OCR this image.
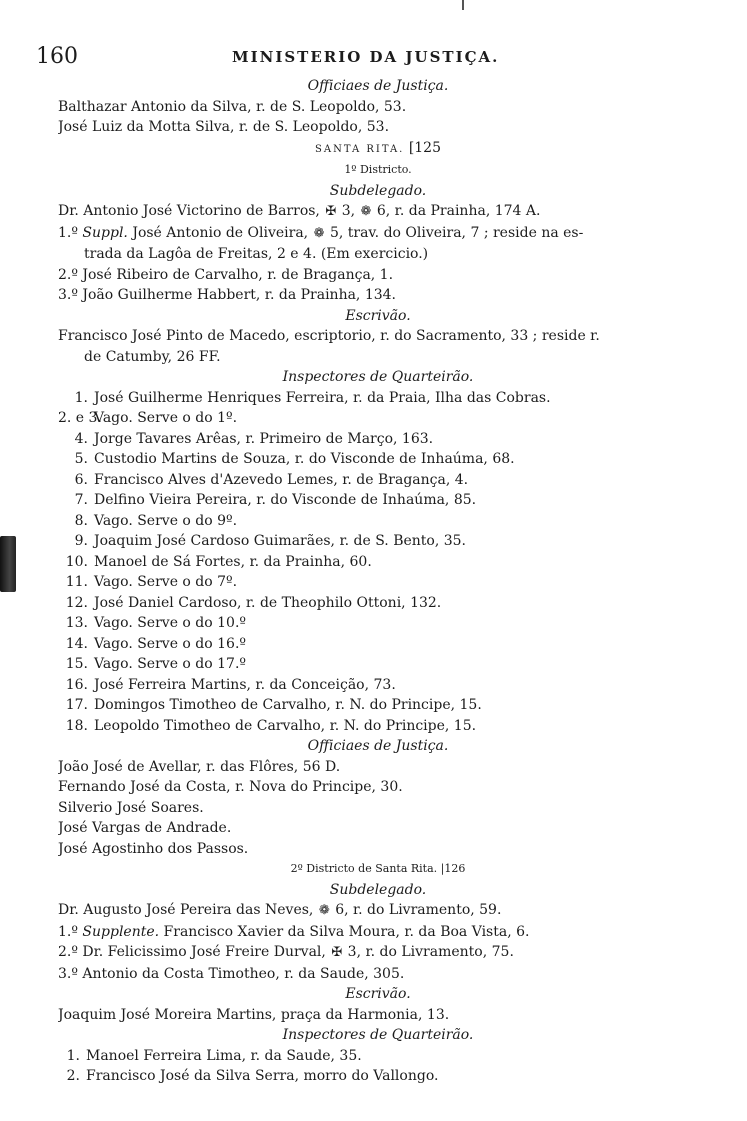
160	MINISTERIO DA JUSTIÇA.
Officiaes de Justiça.
Balthazar Antonio da Silva, r. de S. Leopoldo, 53.
José Luiz da Motta Silva, r. de S. Leopoldo, 53.
SANTA RITA. [125
1º Districto.
Subdelegado.
Dr. Antonio José Victorino de Barros, ✠ 3, ❁ 6, r. da Prainha, 174 A.
1.º Suppl. José Antonio de Oliveira, ❁ 5, trav. do Oliveira, 7 ; reside na es-
trada da Lagôa de Freitas, 2 e 4. (Em exercicio.)
2.º José Ribeiro de Carvalho, r. de Bragança, 1.
3.º João Guilherme Habbert, r. da Prainha, 134.
Escrivão.
Francisco José Pinto de Macedo, escriptorio, r. do Sacramento, 33 ; reside r.
de Catumby, 26 FF.
Inspectores de Quarteirão.
1. José Guilherme Henriques Ferreira, r. da Praia, Ilha das Cobras.
2. e 3.Vago. Serve o do 1º.
4. Jorge Tavares Arêas, r. Primeiro de Março, 163.
5. Custodio Martins de Souza, r. do Visconde de Inhaúma, 68.
6. Francisco Alves d'Azevedo Lemes, r. de Bragança, 4.
7. Delfino Vieira Pereira, r. do Visconde de Inhaúma, 85.
8. Vago. Serve o do 9º.
9. Joaquim José Cardoso Guimarães, r. de S. Bento, 35.
10. Manoel de Sá Fortes, r. da Prainha, 60.
11. Vago. Serve o do 7º.
12. José Daniel Cardoso, r. de Theophilo Ottoni, 132.
13. Vago. Serve o do 10.º
14. Vago. Serve o do 16.º
15. Vago. Serve o do 17.º
16. José Ferreira Martins, r. da Conceição, 73.
17. Domingos Timotheo de Carvalho, r. N. do Principe, 15.
18. Leopoldo Timotheo de Carvalho, r. N. do Principe, 15.
Officiaes de Justiça.
João José de Avellar, r. das Flôres, 56 D.
Fernando José da Costa, r. Nova do Principe, 30.
Silverio José Soares.
José Vargas de Andrade.
José Agostinho dos Passos.
2º Districto de Santa Rita. |126
Subdelegado.
Dr. Augusto José Pereira das Neves, ❁ 6, r. do Livramento, 59.
1.º Supplente. Francisco Xavier da Silva Moura, r. da Boa Vista, 6.
2.º Dr. Felicissimo José Freire Durval, ✠ 3, r. do Livramento, 75.
3.º Antonio da Costa Timotheo, r. da Saude, 305.
Escrivão.
Joaquim José Moreira Martins, praça da Harmonia, 13.
Inspectores de Quarteirão.
1. Manoel Ferreira Lima, r. da Saude, 35.
2. Francisco José da Silva Serra, morro do Vallongo.
